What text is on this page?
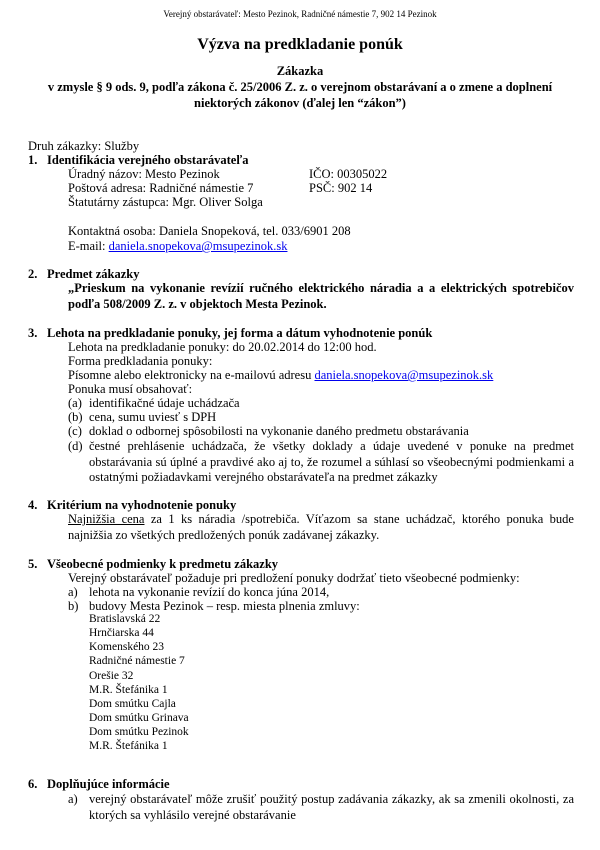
Verejný obstarávateľ: Mesto Pezinok, Radničné námestie 7, 902 14 Pezinok
Výzva na predkladanie ponúk
Zákazka
v zmysle § 9 ods. 9, podľa zákona č. 25/2006 Z. z. o verejnom obstarávaní a o zmene a doplnení
niektorých zákonov (ďalej len “zákon”)
Druh zákazky: Služby
1. Identifikácia verejného obstarávateľa
Úradný názov: Mesto Pezinok	IČO: 00305022
Poštová adresa: Radničné námestie 7	PSČ: 902 14
Štatutárny zástupca: Mgr. Oliver Solga
Kontaktná osoba: Daniela Snopeková, tel. 033/6901 208
E-mail: daniela.snopekova@msupezinok.sk
2. Predmet zákazky
„Prieskum na vykonanie revízií ručného elektrického náradia a a elektrických spotrebičov podľa 508/2009 Z. z. v objektoch Mesta Pezinok.
3. Lehota na predkladanie ponuky, jej forma a dátum vyhodnotenie ponúk
Lehota na predkladanie ponuky: do 20.02.2014 do 12:00 hod.
Forma predkladania ponuky:
Písomne alebo elektronicky na e-mailovú adresu daniela.snopekova@msupezinok.sk
Ponuka musí obsahovať:
(a) identifikačné údaje uchádzača
(b) cena, sumu uviesť s DPH
(c) doklad o odbornej spôsobilosti na vykonanie daného predmetu obstarávania
(d) čestné prehlásenie uchádzača, že všetky doklady a údaje uvedené v ponuke na predmet obstarávania sú úplné a pravdivé ako aj to, že rozumel a súhlasí so všeobecnými podmienkami a ostatnými požiadavkami verejného obstarávateľa na predmet zákazky
4. Kritérium na vyhodnotenie ponuky
Najnižšia cena za 1 ks náradia /spotrebiča. Víťazom sa stane uchádzač, ktorého ponuka bude najnižšia zo všetkých predložených ponúk zadávanej zákazky.
5. Všeobecné podmienky k predmetu zákazky
Verejný obstarávateľ požaduje pri predložení ponuky dodržať tieto všeobecné podmienky:
a) lehota na vykonanie revízií do konca júna 2014,
b) budovy Mesta Pezinok – resp. miesta plnenia zmluvy:
Bratislavská 22
Hrnčiarska 44
Komenského 23
Radničné námestie 7
Orešie 32
M.R. Štefánika 1
Dom smútku Cajla
Dom smútku Grinava
Dom smútku Pezinok
M.R. Štefánika 1
6. Doplňujúce informácie
a) verejný obstarávateľ môže zrušiť použitý postup zadávania zákazky, ak sa zmenili okolnosti, za ktorých sa vyhlásilo verejné obstarávanie
